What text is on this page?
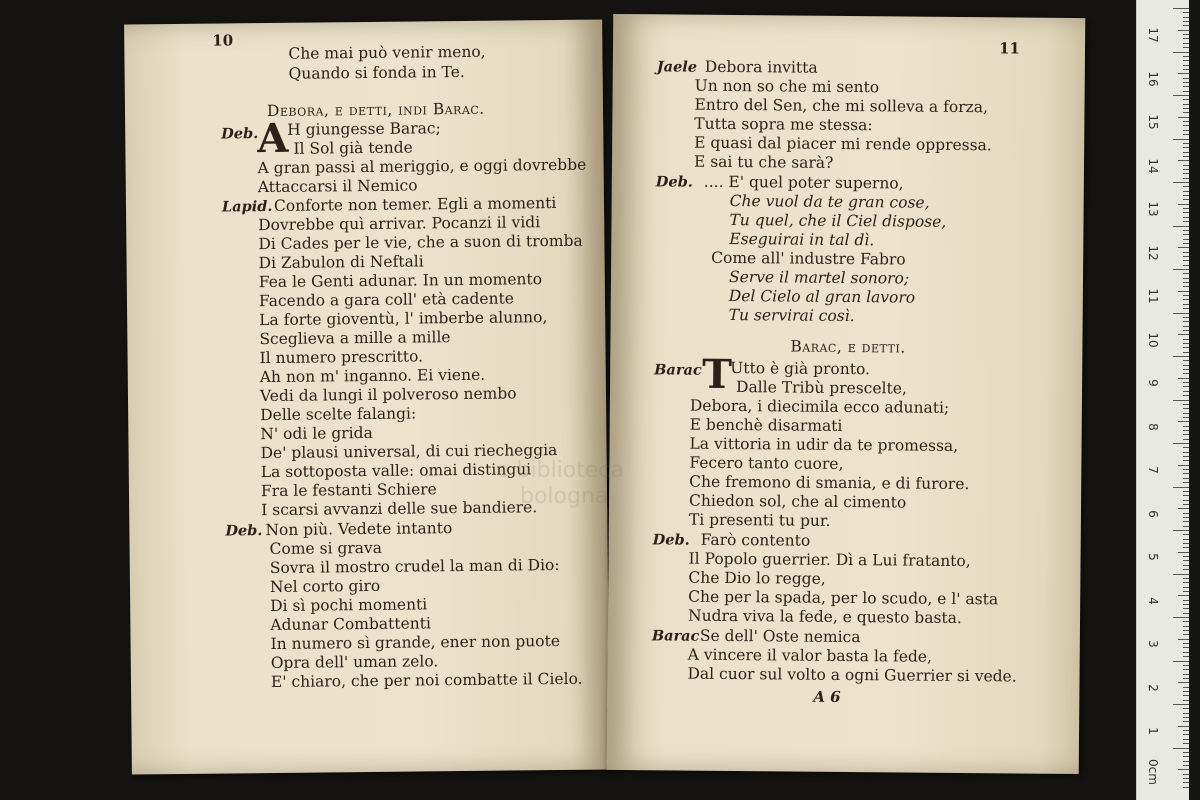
10
Che mai può venir meno,
Quando si fonda in Te.
Debora, e detti, indi Barac.
Deb.
A
H giungesse Barac;
Il Sol già tende
A gran passi al meriggio, e oggi dovrebbe
Attaccarsi il Nemico
Lapid. Conforte non temer. Egli a momenti
Dovrebbe quì arrivar. Pocanzi il vidi
Di Cades per le vie, che a suon di tromba
Di Zabulon di Neftali
Fea le Genti adunar. In un momento
Facendo a gara coll' età cadente
La forte gioventù, l' imberbe alunno,
Sceglieva a mille a mille
Il numero prescritto.
Ah non m' inganno. Ei viene.
Vedi da lungi il polveroso nembo
Delle scelte falangi:
N' odi le grida
De' plausi universal, di cui riecheggia
La sottoposta valle: omai distingui
Fra le festanti Schiere
I scarsi avvanzi delle sue bandiere.
Deb. Non più. Vedete intanto
Come si grava
Sovra il mostro crudel la man di Dio:
Nel corto giro
Di sì pochi momenti
Adunar Combattenti
In numero sì grande, ener non puote
Opra dell' uman zelo.
E' chiaro, che per noi combatte il Cielo.
11
Jaele Debora invitta
Un non so che mi sento
Entro del Sen, che mi solleva a forza,
Tutta sopra me stessa:
E quasi dal piacer mi rende oppressa.
E sai tu che sarà?
Deb. .... E' quel poter superno,
Che vuol da te gran cose,
Tu quel, che il Ciel dispose,
Eseguirai in tal dì.
Come all' industre Fabro
Serve il martel sonoro;
Del Cielo al gran lavoro
Tu servirai così.
Barac, e detti.
Barac T
Utto è già pronto.
Dalle Tribù prescelte,
Debora, i diecimila ecco adunati;
E benchè disarmati
La vittoria in udir da te promessa,
Fecero tanto cuore,
Che fremono di smania, e di furore.
Chiedon sol, che al cimento
Ti presenti tu pur.
Deb. Farò contento
Il Popolo guerrier. Dì a Lui fratanto,
Che Dio lo regge,
Che per la spada, per lo scudo, e l' asta
Nudra viva la fede, e questo basta.
Barac Se dell' Oste nemica
A vincere il valor basta la fede,
Dal cuor sul volto a ogni Guerrier si vede.
A 6
e biblioteca
bologna
0cm
17
16
15
14
13
12
11
10
9
8
7
6
5
4
3
2
1
